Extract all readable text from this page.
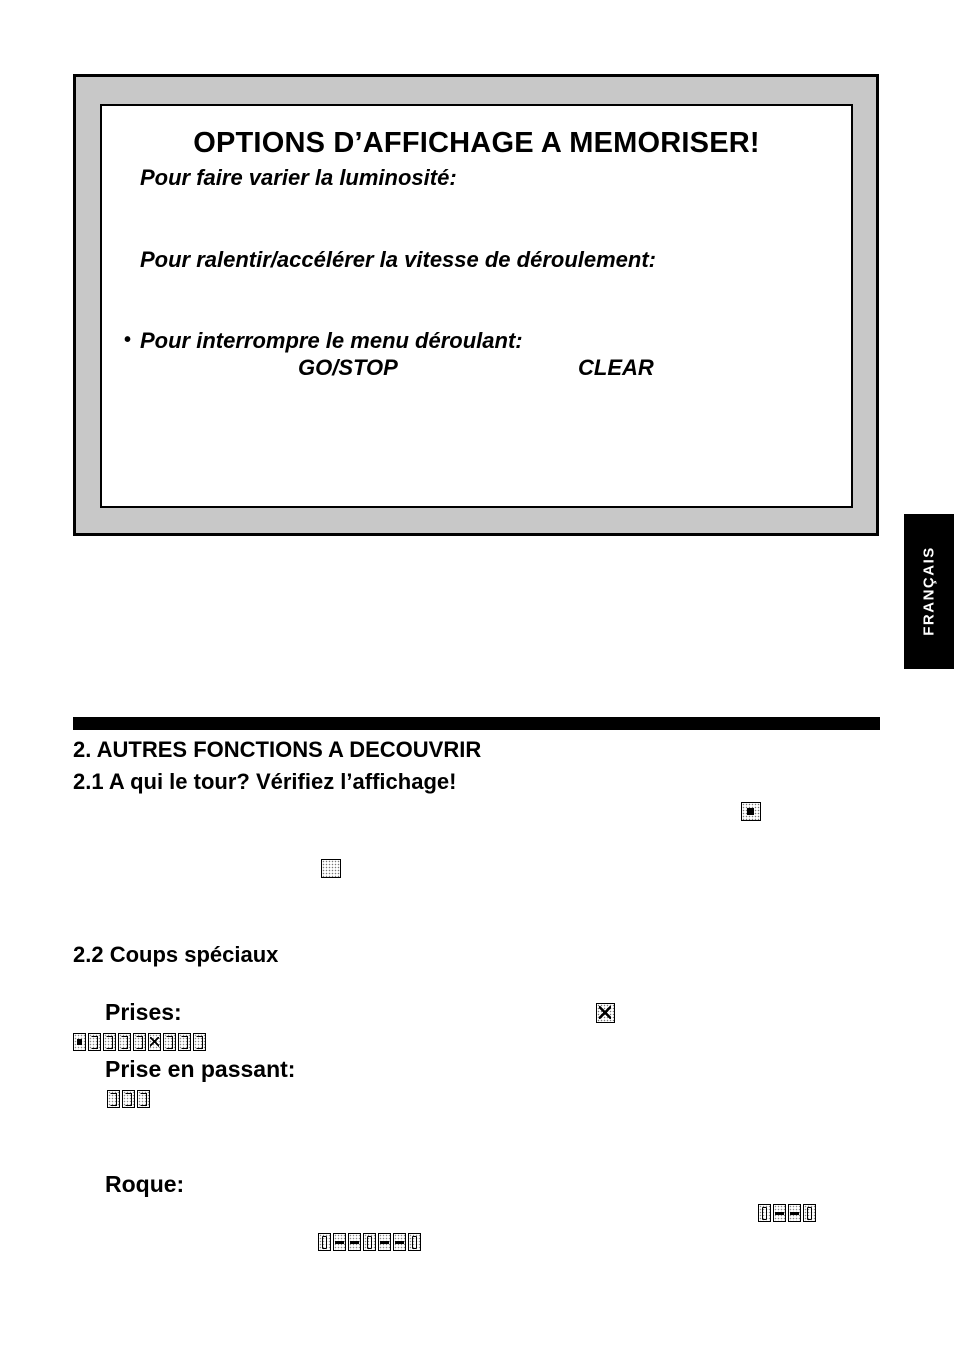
OPTIONS D’AFFICHAGE A MEMORISER!
Pour faire varier la luminosité:
Pour ralentir/accélérer la vitesse de déroulement:
• Pour interrompre le menu déroulant:
GO/STOP	CLEAR
FRANÇAIS
2. AUTRES FONCTIONS A DECOUVRIR
2.1 A qui le tour? Vérifiez l’affichage!
2.2 Coups spéciaux
Prises:
Prise en passant:
Roque:
